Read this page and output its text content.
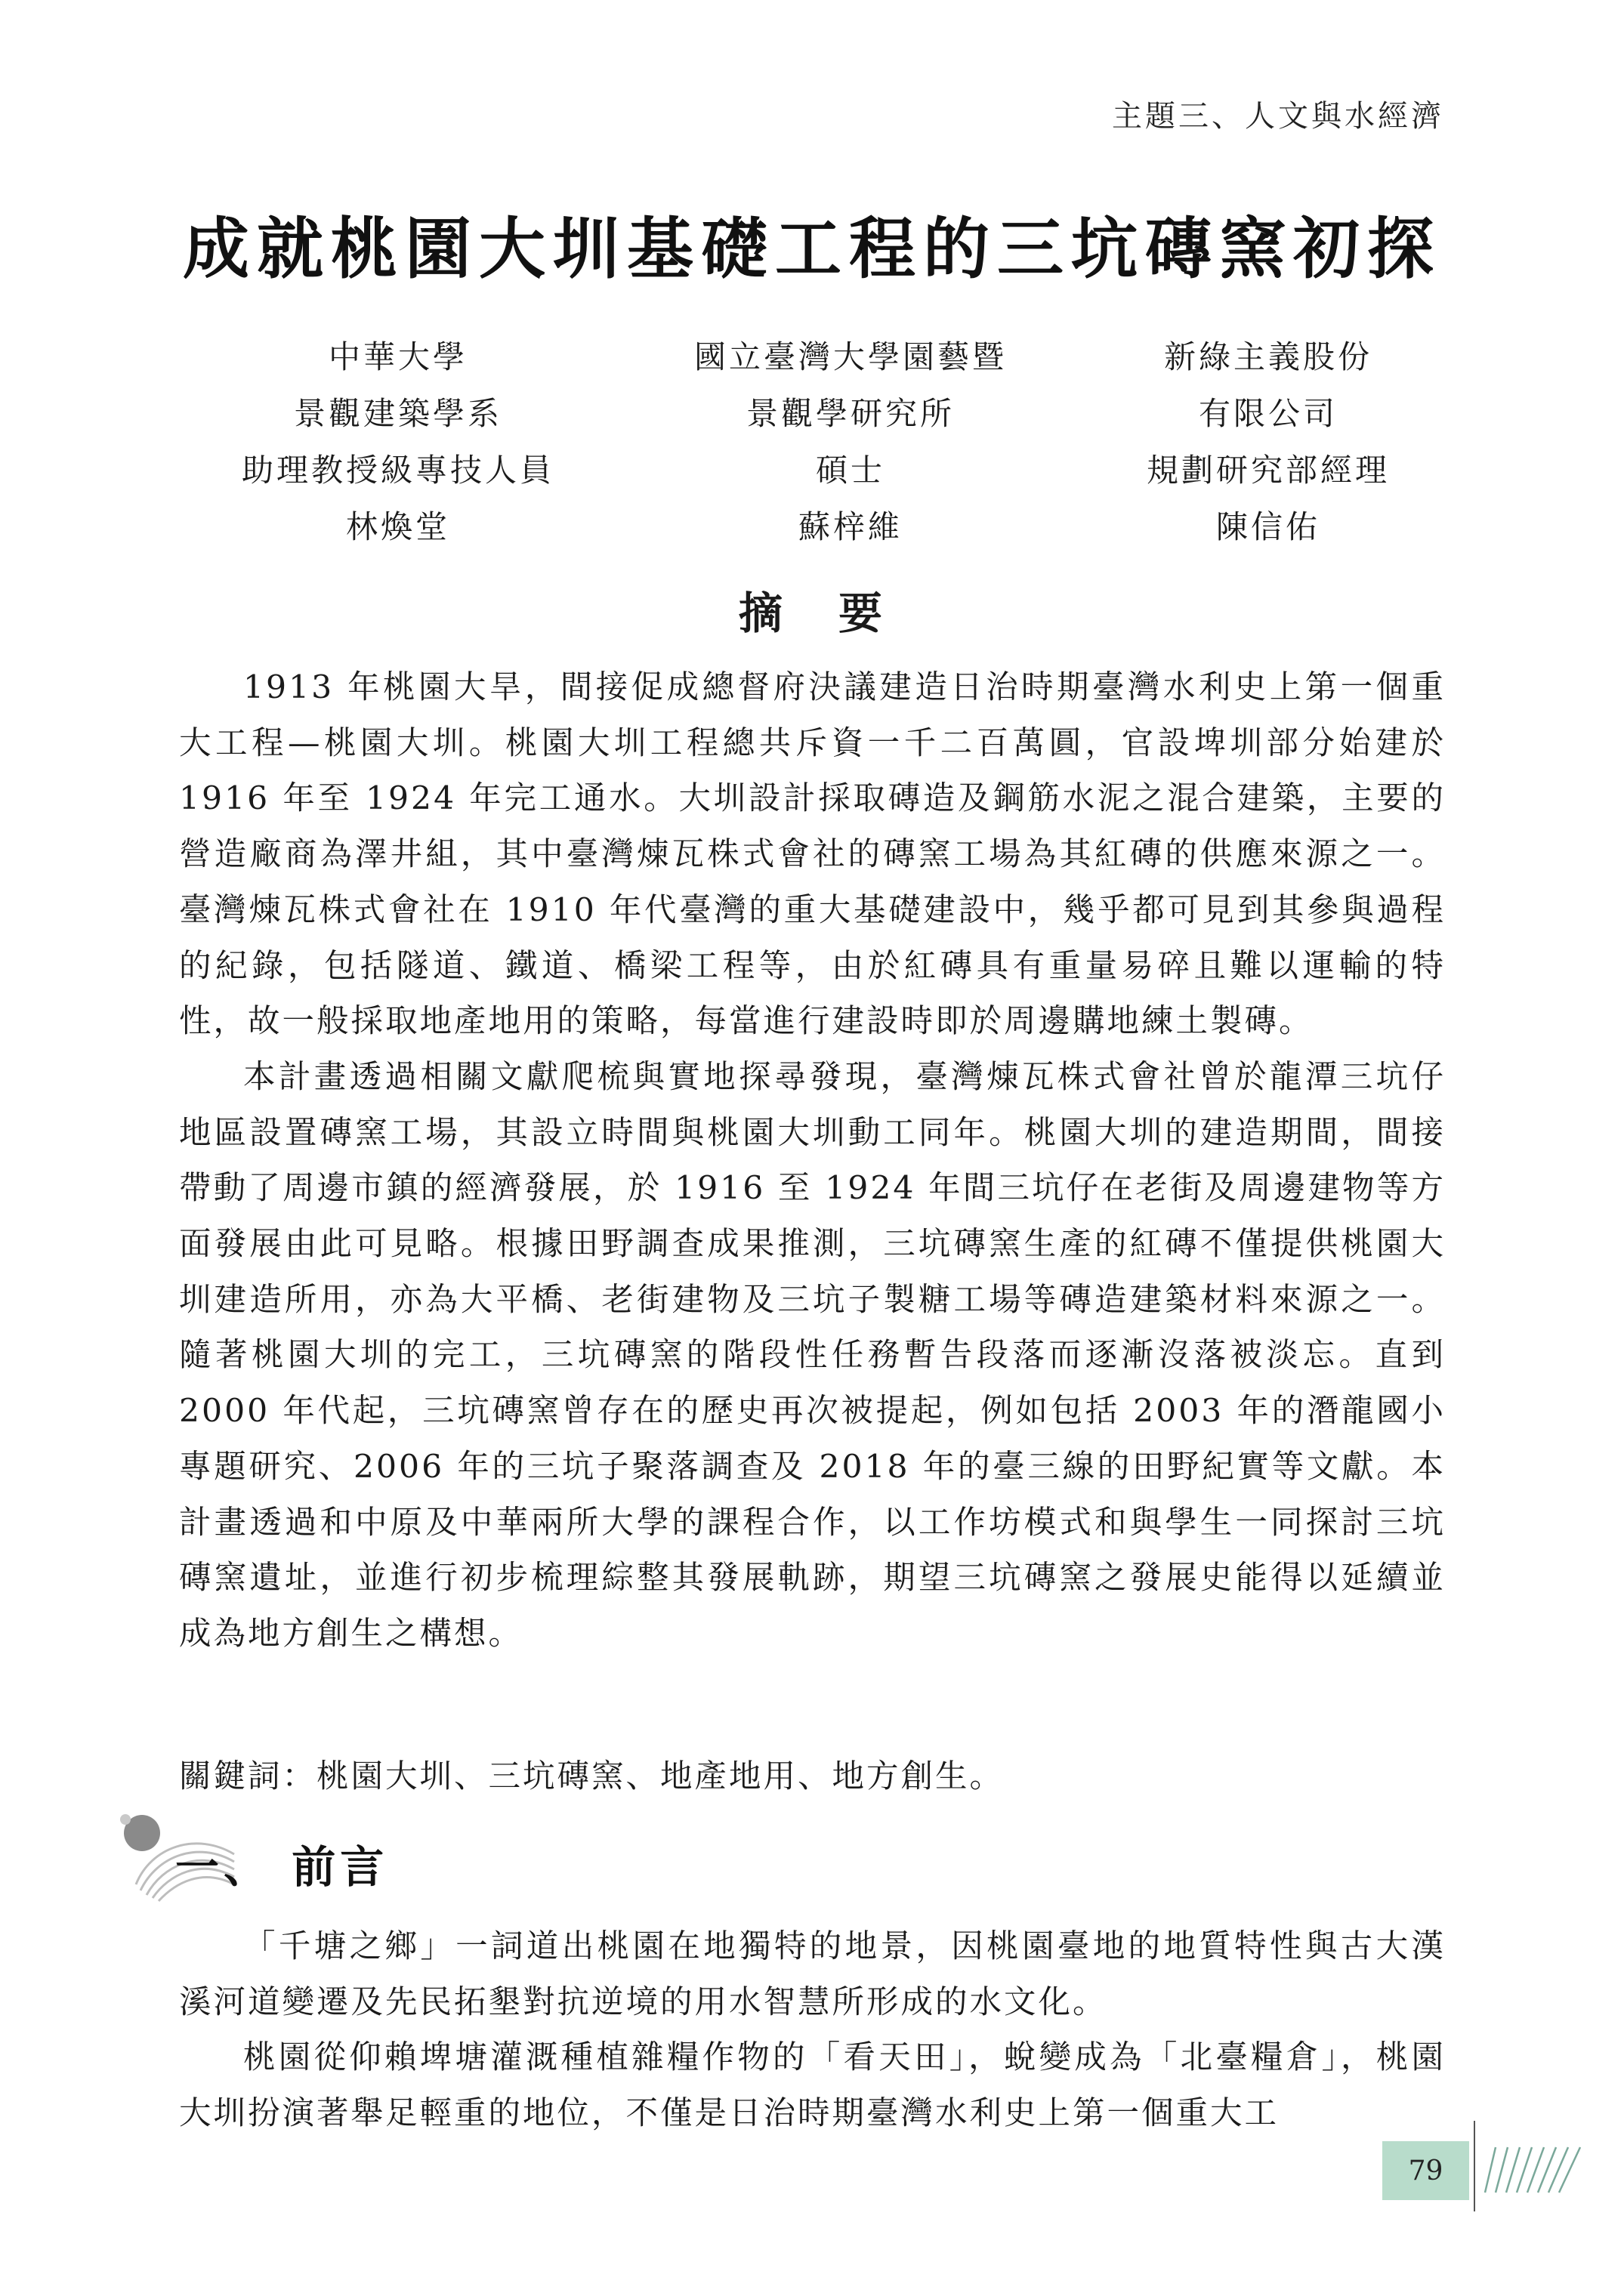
主題三、人文與水經濟
成就桃園大圳基礎工程的三坑磚窯初探
中華大學
景觀建築學系
助理教授級專技人員
林煥堂
國立臺灣大學園藝暨
景觀學研究所
碩士
蘇梓維
新綠主義股份
有限公司
規劃研究部經理
陳信佑
摘 要

1913 年桃園大旱，間接促成總督府決議建造日治時期臺灣水利史上第一個重大工程—桃園大圳。桃園大圳工程總共斥資一千二百萬圓，官設埤圳部分始建於 1916 年至 1924 年完工通水。大圳設計採取磚造及鋼筋水泥之混合建築，主要的營造廠商為澤井組，其中臺灣煉瓦株式會社的磚窯工場為其紅磚的供應來源之一。臺灣煉瓦株式會社在 1910 年代臺灣的重大基礎建設中，幾乎都可見到其參與過程的紀錄，包括隧道、鐵道、橋梁工程等，由於紅磚具有重量易碎且難以運輸的特性，故一般採取地產地用的策略，每當進行建設時即於周邊購地練土製磚。

本計畫透過相關文獻爬梳與實地探尋發現，臺灣煉瓦株式會社曾於龍潭三坑仔地區設置磚窯工場，其設立時間與桃園大圳動工同年。桃園大圳的建造期間，間接帶動了周邊市鎮的經濟發展，於 1916 至 1924 年間三坑仔在老街及周邊建物等方面發展由此可見略。根據田野調查成果推測，三坑磚窯生產的紅磚不僅提供桃園大圳建造所用，亦為大平橋、老街建物及三坑子製糖工場等磚造建築材料來源之一。隨著桃園大圳的完工，三坑磚窯的階段性任務暫告段落而逐漸沒落被淡忘。直到 2000 年代起，三坑磚窯曾存在的歷史再次被提起，例如包括 2003 年的潛龍國小專題研究、2006 年的三坑子聚落調查及 2018 年的臺三線的田野紀實等文獻。本計畫透過和中原及中華兩所大學的課程合作，以工作坊模式和與學生一同探討三坑磚窯遺址，並進行初步梳理綜整其發展軌跡，期望三坑磚窯之發展史能得以延續並成為地方創生之構想。

關鍵詞：桃園大圳、三坑磚窯、地產地用、地方創生。
一、 前言

「千塘之鄉」一詞道出桃園在地獨特的地景，因桃園臺地的地質特性與古大漢溪河道變遷及先民拓墾對抗逆境的用水智慧所形成的水文化。

桃園從仰賴埤塘灌溉種植雜糧作物的「看天田」，蛻變成為「北臺糧倉」，桃園大圳扮演著舉足輕重的地位，不僅是日治時期臺灣水利史上第一個重大工

79
